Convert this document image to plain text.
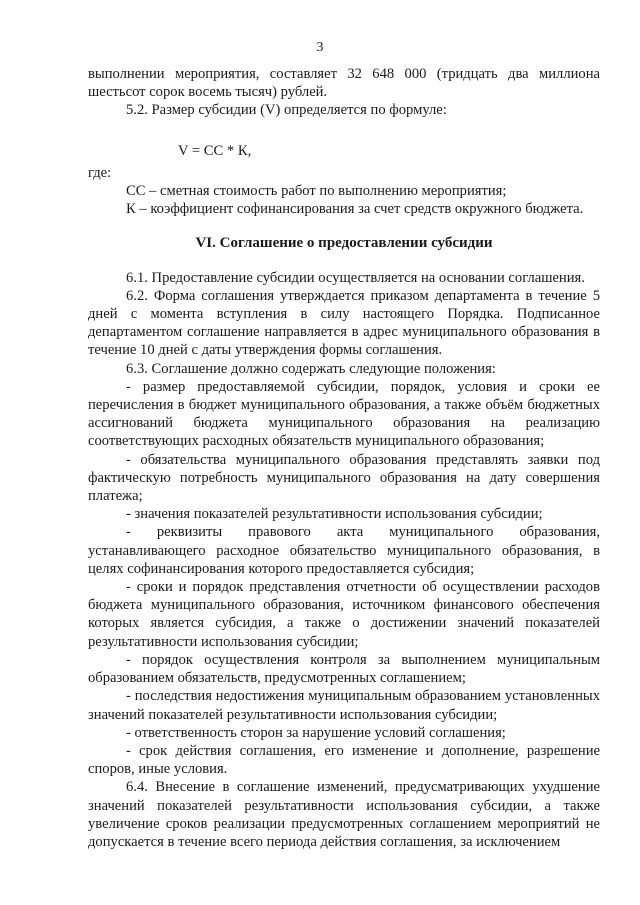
3

выполнении мероприятия, составляет 32 648 000 (тридцать два миллиона шестьсот сорок восемь тысяч) рублей.

5.2. Размер субсидии (V) определяется по формуле:

V = СС * К,

где:

СС – сметная стоимость работ по выполнению мероприятия;

К – коэффициент софинансирования за счет средств окружного бюджета.

VI. Соглашение о предоставлении субсидии

6.1. Предоставление субсидии осуществляется на основании соглашения.

6.2. Форма соглашения утверждается приказом департамента в течение 5 дней с момента вступления в силу настоящего Порядка. Подписанное департаментом соглашение направляется в адрес муниципального образования в течение 10 дней с даты утверждения формы соглашения.

6.3. Соглашение должно содержать следующие положения:

- размер предоставляемой субсидии, порядок, условия и сроки ее перечисления в бюджет муниципального образования, а также объём бюджетных ассигнований бюджета муниципального образования на реализацию соответствующих расходных обязательств муниципального образования;

- обязательства муниципального образования представлять заявки под фактическую потребность муниципального образования на дату совершения платежа;

- значения показателей результативности использования субсидии;

- реквизиты правового акта муниципального образования, устанавливающего расходное обязательство муниципального образования, в целях софинансирования которого предоставляется субсидия;

- сроки и порядок представления отчетности об осуществлении расходов бюджета муниципального образования, источником финансового обеспечения которых является субсидия, а также о достижении значений показателей результативности использования субсидии;

- порядок осуществления контроля за выполнением муниципальным образованием обязательств, предусмотренных соглашением;

- последствия недостижения муниципальным образованием установленных значений показателей результативности использования субсидии;

- ответственность сторон за нарушение условий соглашения;

- срок действия соглашения, его изменение и дополнение, разрешение споров, иные условия.

6.4. Внесение в соглашение изменений, предусматривающих ухудшение значений показателей результативности использования субсидии, а также увеличение сроков реализации предусмотренных соглашением мероприятий не допускается в течение всего периода действия соглашения, за исключением
